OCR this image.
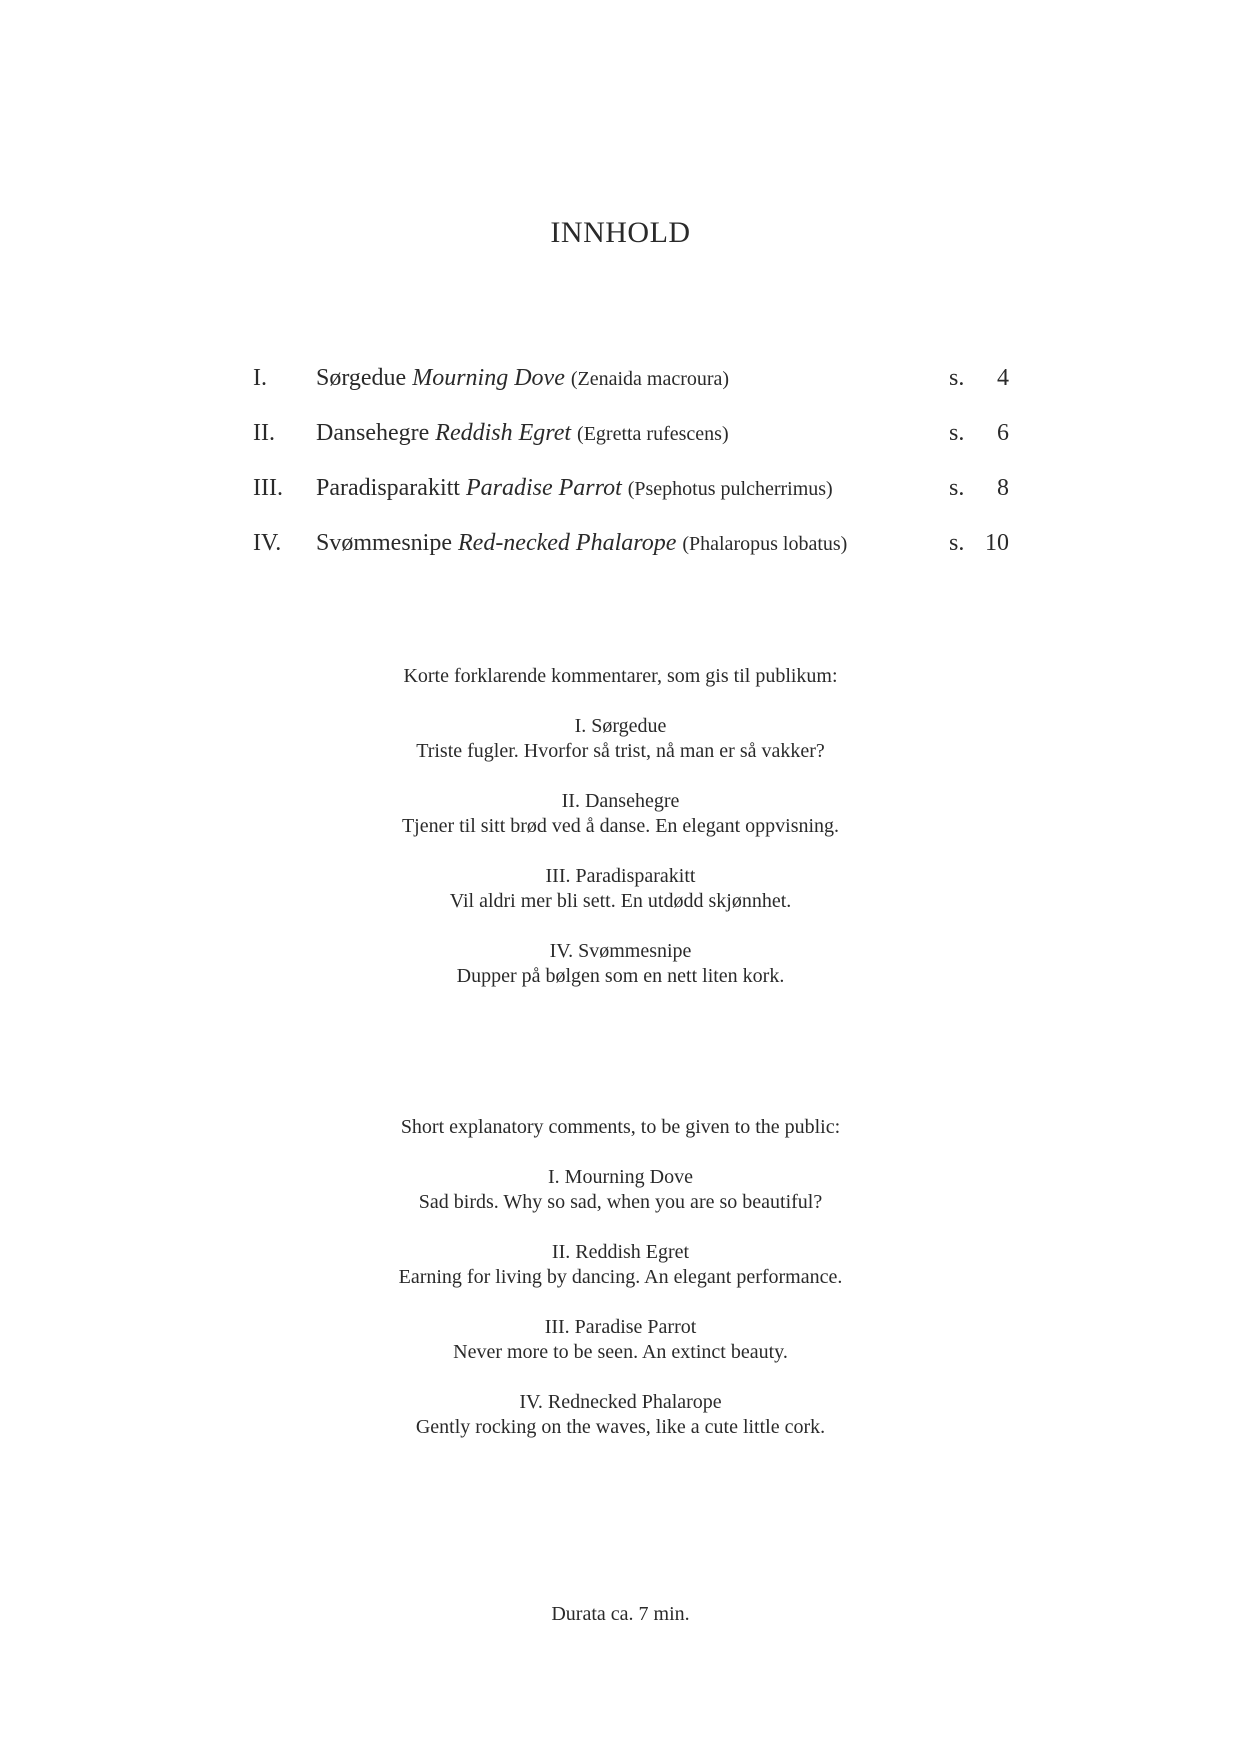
INNHOLD
I. Sørgedue Mourning Dove (Zenaida macroura)	s. 4
II. Dansehegre Reddish Egret (Egretta rufescens)	s. 6
III. Paradisparakitt Paradise Parrot (Psephotus pulcherrimus)	s. 8
IV. Svømmesnipe Red-necked Phalarope (Phalaropus lobatus)	s. 10
Korte forklarende kommentarer, som gis til publikum:
I. Sørgedue
Triste fugler. Hvorfor så trist, nå man er så vakker?
II. Dansehegre
Tjener til sitt brød ved å danse. En elegant oppvisning.
III. Paradisparakitt
Vil aldri mer bli sett. En utdødd skjønnhet.
IV. Svømmesnipe
Dupper på bølgen som en nett liten kork.
Short explanatory comments, to be given to the public:
I. Mourning Dove
Sad birds. Why so sad, when you are so beautiful?
II. Reddish Egret
Earning for living by dancing. An elegant performance.
III. Paradise Parrot
Never more to be seen. An extinct beauty.
IV. Rednecked Phalarope
Gently rocking on the waves, like a cute little cork.
Durata ca. 7 min.
